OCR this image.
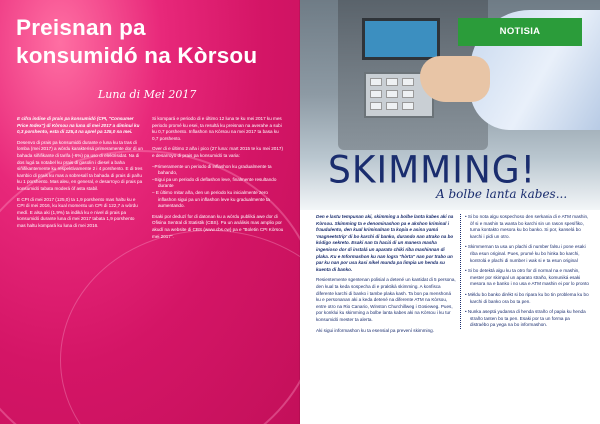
Preisnan pa
konsumidó na Kòrsou
Luna di Mei 2017

E cifra indise di prais pa konsumidó (CPI, "Consumer Price Index") di Kòrsou na luna di mei 2017 a diminuí ku 0,3 porshento, esta di 125,4 na aprel pa 125,0 na mei.

Desenvo di prais pa konsumidó durante e luna ku ta tras di lomba (mei 2017) a wòrdu karakterisá primeramente dor di un bahada siñifikante di tarifa (-6%) pa uso di elektrisidat. Na di dos lugá ta notabel ku prais di gasolin i diesel a baha siñifikantemente ku respektivamente 2 i 4 porshento. E di tres kambio di prais ku mas a sobresalí ta bahada di prais di pañu ku 1 porshento. Mas aleu, en general, e desarroyo di prais pa konsumidó tabata moderá óf asta stabil.

E CPI di mei 2017 (125,0) ta 1,9 porshento mas haltu ku e CPI di mei 2016, ku kual momentu un CPI di 122,7 a wòrdu medí. E alsa aki (1,9%) ta indiká ku e nivel di prais pa konsumidó durante luna di mei 2017 tabata 1,9 porshento mas haltu kompará ku luna di mei 2016.

Si kompará e periodo di e último 12 luna te ku mei 2017 ku mes periodo promé ku esei, ta resultá ku preisnan na averahe a subi ku 0,7 porshento. Inflashon na Kòrsou na mei 2017 ta basa ku 0,7 porshento.

Over di e último 2 aña i pico (27 luna: mart 2015 te ku mei 2017) e desarroyo di prais pa konsumidó ta varia:

–Primeramente un periodo di inflashon ku gradualmente ta bahando,
–Sigui pa un periodo di deflashon leve, finalmente resultando durante
– E último mitar aña, den un periodo ku inicialmente zero inflashon sigui pa un inflashon leve ku gradualmente ta aumentando.

Esaki por deduzí for di datonan ku a wòrdu publiká awe dor di Ofisina Sentral di Statistik (CBS). Pa un análisis mas amplio por akudí na website di CBS (www.cbs.cw) pa e "Boletin CPI Kòrsou mei 2017".

NOTISIA
SKIMMING!
A bolbe lanta kabes...

Den e lastu tempunan aki, skimming a bolbe lanta kabes aki na Kòrsou. Skimming ta e denominashon pa e akshon kriminal i fraudulento, den kual kriminalnan ta kopia e asina yamá 'magneetstrip' di bo karchi di banko, durando nan atrako na bo kódigo sekreto. Esaki nan ta haciá di un manera masha ingenioso dor di instalá un aparato chiki riba mashinnan di plaka. Ku e Informashon ku nan logra "hòrta" nan por trabo un par ku nan por usa kasi níkel munda pa limpia un henda su kuenta di banko.

Resientemente sgentenan polisial a detené un kantidat di 5 persona, den kual ta keda sospecha di e praktikà skimming. A konfisca diferente karchi di banko i tambe plaka kash. Ta bon pa menshoná ku e personanan aki a keda detené na diferente ATM na Kòrsou, entre otro na Rio Canario, Winston Churchillweg i Gosieweg. Pues, por konklui ku skimming a bolbe lanta kabes aki na Kòrsou i ku tur konsumidó mester ta alerta.

Aki sigui informashon ku ta esensial pa prevení skimming.

• Si bo nota algu sospechoso den serkania di e ATM mashin, òf si e mashin ta wanta bo karchi sin un rason spesífiko, tuma kontakto mesora ku bo banko. Si por, kanselá bo karchi i pidi un otro.
• Skimmernan ta usa un plachi di number falsu i pone esaki riba esun original. Pues, prumé ku bo hinka bo karchi, kontrolá e plachi di number i wak si e ta esun original
• Si bo detektá algu ku ta otro for di normal na e mashin, mester por skimpal un aparato straño, komuniká esaki mesora na e banko i no usa e ATM mashin ei por lo pronto
• Mèldu bo banko dirékt si bo ripara ku bo tin problema ku bo karchi di banko ora bo ta pen.
• Nunka aseptá yudansa di henda straño of papia ku henda straño tanten bo ta pen. Esaki por ta un forma pa distraébo pa yega na bo informashon.
